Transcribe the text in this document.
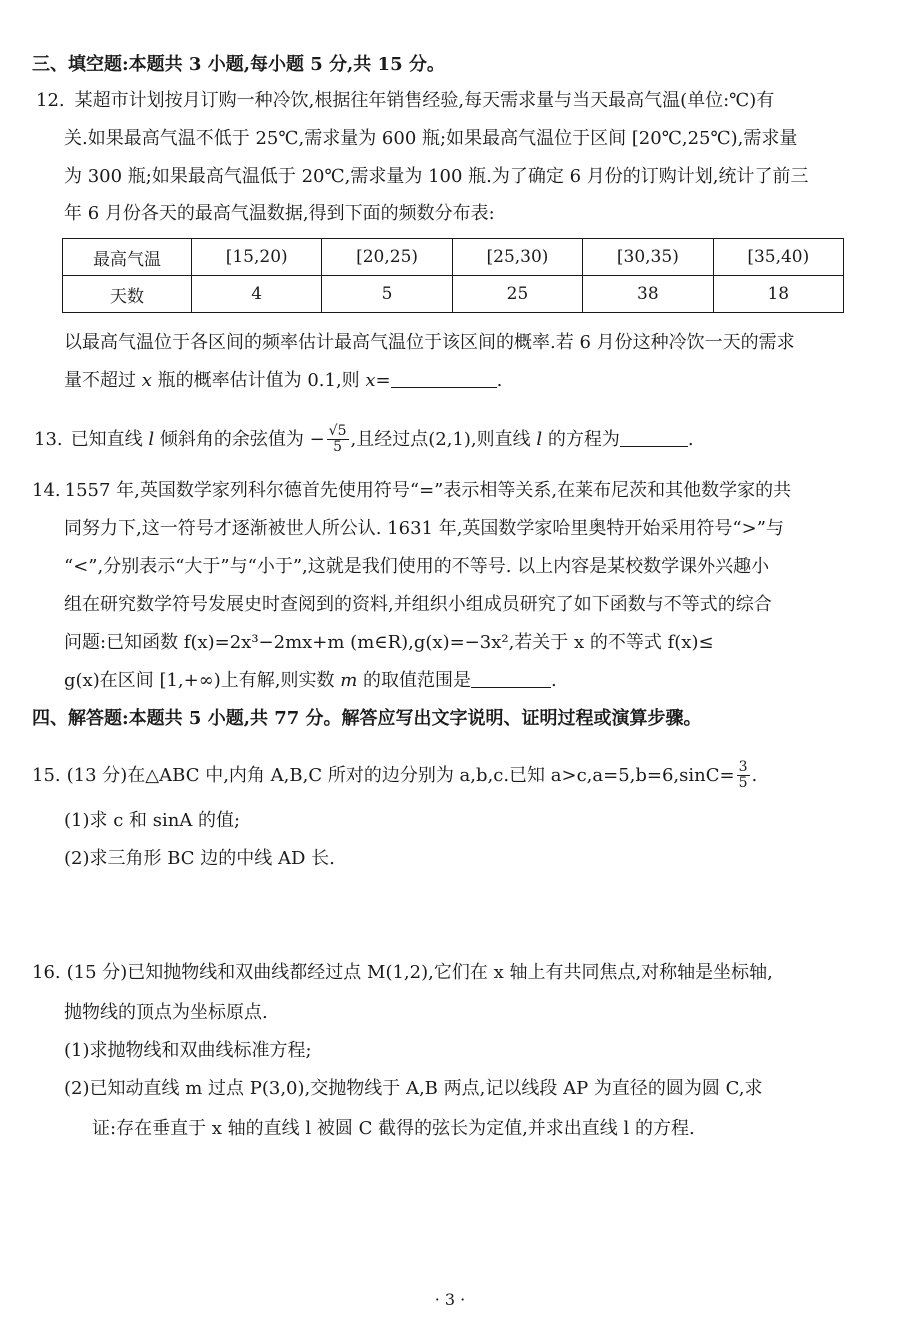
三、填空题:本题共 3 小题,每小题 5 分,共 15 分。
12. 某超市计划按月订购一种冷饮,根据往年销售经验,每天需求量与当天最高气温(单位:℃)有
关.如果最高气温不低于 25℃,需求量为 600 瓶;如果最高气温位于区间 [20℃,25℃),需求量
为 300 瓶;如果最高气温低于 20℃,需求量为 100 瓶.为了确定 6 月份的订购计划,统计了前三
年 6 月份各天的最高气温数据,得到下面的频数分布表:
最高气温	[15,20)	[20,25)	[25,30)	[30,35)	[35,40)
天数	4	5	25	38	18
以最高气温位于各区间的频率估计最高气温位于该区间的概率.若 6 月份这种冷饮一天的需求
量不超过 x 瓶的概率估计值为 0.1,则 x=	.
13. 已知直线 l 倾斜角的余弦值为 − $\frac{√5}{5}$ ,且经过点(2,1),则直线 l 的方程为	.
14. 1557 年,英国数学家列科尔德首先使用符号“=”表示相等关系,在莱布尼茨和其他数学家的共
同努力下,这一符号才逐渐被世人所公认. 1631 年,英国数学家哈里奥特开始采用符号“>”与
“<”,分别表示“大于”与“小于”,这就是我们使用的不等号. 以上内容是某校数学课外兴趣小
组在研究数学符号发展史时查阅到的资料,并组织小组成员研究了如下函数与不等式的综合
问题:已知函数 f(x)=2x³−2mx+m (m∈R),g(x)=−3x²,若关于 x 的不等式 f(x)≤
g(x)在区间 [1,+∞)上有解,则实数 m 的取值范围是	.
四、解答题:本题共 5 小题,共 77 分。解答应写出文字说明、证明过程或演算步骤。
15. (13 分)在△ABC 中,内角 A,B,C 所对的边分别为 a,b,c.已知 $a>c,a=5,b=6,\sin C= \frac{3}{5}$ .
(1)求 c 和 sinA 的值;
(2)求三角形 BC 边的中线 AD 长.
16. (15 分)已知抛物线和双曲线都经过点 M(1,2),它们在 x 轴上有共同焦点,对称轴是坐标轴,
抛物线的顶点为坐标原点.
(1)求抛物线和双曲线标准方程;
(2)已知动直线 m 过点 P(3,0),交抛物线于 A,B 两点,记以线段 AP 为直径的圆为圆 C,求
证:存在垂直于 x 轴的直线 l 被圆 C 截得的弦长为定值,并求出直线 l 的方程.
· 3 ·
